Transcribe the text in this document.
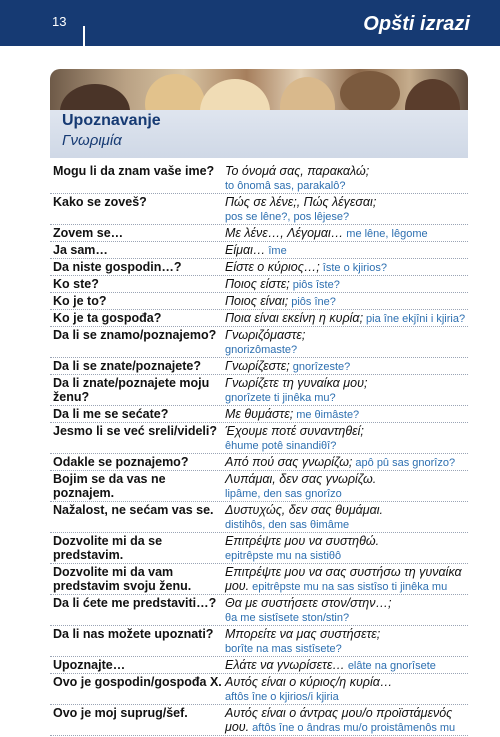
13	Opšti izrazi
Upoznavanje
Γνωριμία
Mogu li da znam vaše ime? Το όνομά σας, παρακαλώ;
to ônomâ sas, parakalô?
Kako se zoveš?	Πώς σε λένε;, Πώς λέγεσαι;
pos se lêne?, pos lêjese?
Zovem se…	Με λένε…, Λέγομαι… me lêne, lêgome
Ja sam…	Είμαι… îme
Da niste gospodin…?	Είστε ο κύριος…; îste o kjirios?
Ko ste?	Ποιος είστε; piôs îste?
Ko je to?	Ποιος είναι; piôs îne?
Ko je ta gospođa?	Ποια είναι εκείνη η κυρία; pia îne ekjîni i kjiria?
Da li se znamo/poznajemo? Γνωριζόμαστε;
gnorizômaste?
Da li se znate/poznajete?	Γνωρίζεστε; gnorîzeste?
Da li znate/poznajete moju ženu?
Γνωρίζετε τη γυναίκα μου;
gnorîzete ti jinêka mu?
Da li me se sećate?	Με θυμάστε; me θimâste?
Jesmo li se već sreli/videli? Έχουμε ποτέ συναντηθεί;
êhume potê sinandiθî?
Odakle se poznajemo?	Από πού σας γνωρίζω; apô pû sas gnorîzo?
Bojim se da vas ne poznajem.
Λυπάμαι, δεν σας γνωρίζω.
lipâme, den sas gnorîzo
Nažalost, ne sećam vas se. Δυστυχώς, δεν σας θυμάμαι.
distihôs, den sas θimâme
Dozvolite mi da se predstavim.
Επιτρέψτε μου να συστηθώ.
epitrêpste mu na sistiθô
Dozvolite mi da vam predstavim svoju ženu.
Επιτρέψτε μου να σας συστήσω τη γυναίκα μου. epitrêpste mu na sas sistîso ti jinêka mu
Da li ćete me predstaviti…? Θα με συστήσετε στον/στην…;
θa me sistîsete ston/stin?
Da li nas možete upoznati? Μπορείτε να μας συστήσετε;
borîte na mas sistîsete?
Upoznajte…	Ελάτε να γνωρίσετε… elâte na gnorîsete
Ovo je gospodin/gospođa X. Αυτός είναι ο κύριος/η κυρία…
aftôs îne o kjirios/i kjiria
Ovo je moj suprug/šef.	Αυτός είναι ο άντρας μου/ο προϊστάμενός μου. aftôs îne o ândras mu/o proistâmenôs mu
